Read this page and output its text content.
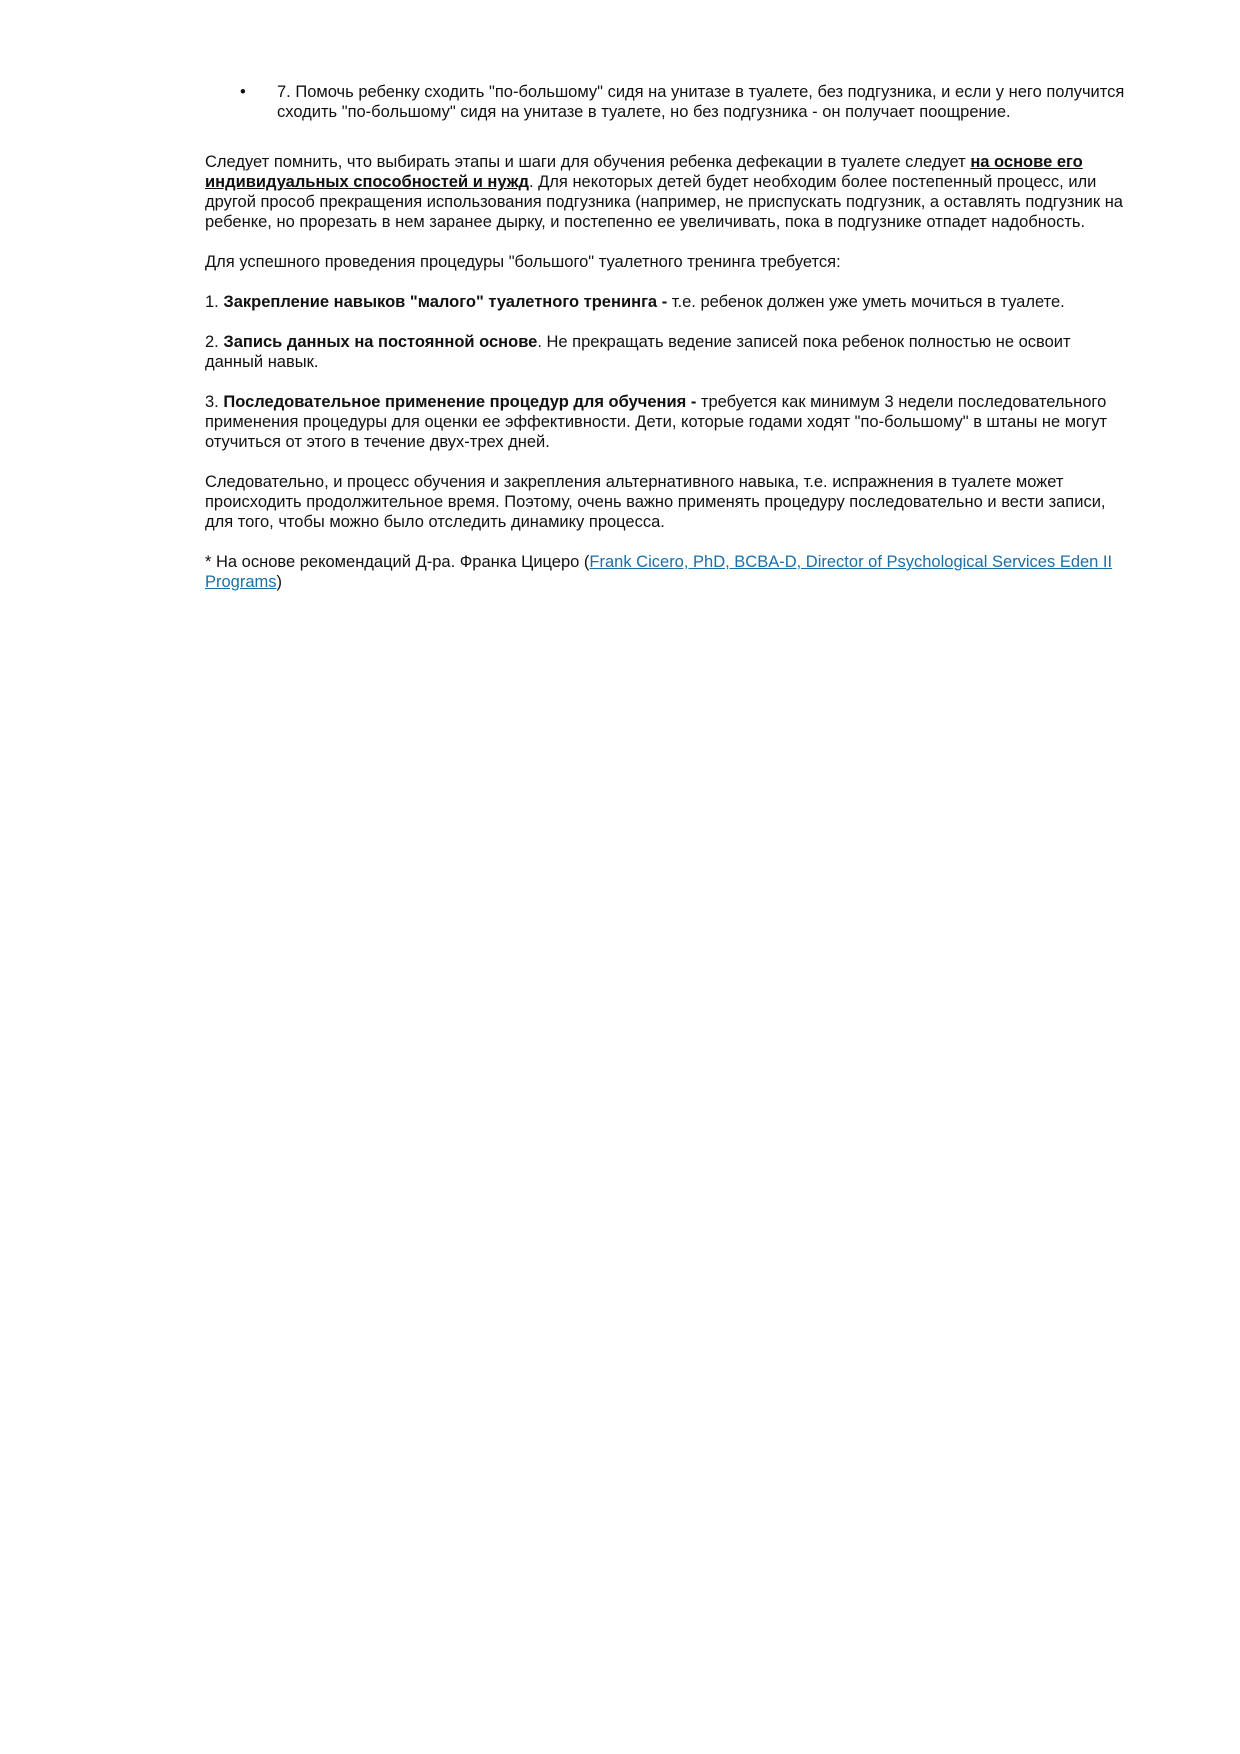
• 7. Помочь ребенку сходить "по-большому" сидя на унитазе в туалете, без подгузника, и если у него получится сходить "по-большому" сидя на унитазе в туалете, но без подгузника - он получает поощрение.

Следует помнить, что выбирать этапы и шаги для обучения ребенка дефекации в туалете следует на основе его индивидуальных способностей и нужд. Для некоторых детей будет необходим более постепенный процесс, или другой прособ прекращения использования подгузника (например, не приспускать подгузник, а оставлять подгузник на ребенке, но прорезать в нем заранее дырку, и постепенно ее увеличивать, пока в подгузнике отпадет надобность.

Для успешного проведения процедуры "большого" туалетного тренинга требуется:

1. Закрепление навыков "малого" туалетного тренинга - т.е. ребенок должен уже уметь мочиться в туалете.

2. Запись данных на постоянной основе. Не прекращать ведение записей пока ребенок полностью не освоит данный навык.

3. Последовательное применение процедур для обучения - требуется как минимум 3 недели последовательного применения процедуры для оценки ее эффективности. Дети, которые годами ходят "по-большому" в штаны не могут отучиться от этого в течение двух-трех дней.

Следовательно, и процесс обучения и закрепления альтернативного навыка, т.е. испражнения в туалете может происходить продолжительное время. Поэтому, очень важно применять процедуру последовательно и вести записи, для того, чтобы можно было отследить динамику процесса.

* На основе рекомендаций Д-ра. Франка Цицеро (Frank Cicero, PhD, BCBA-D, Director of Psychological Services Eden II Programs)
